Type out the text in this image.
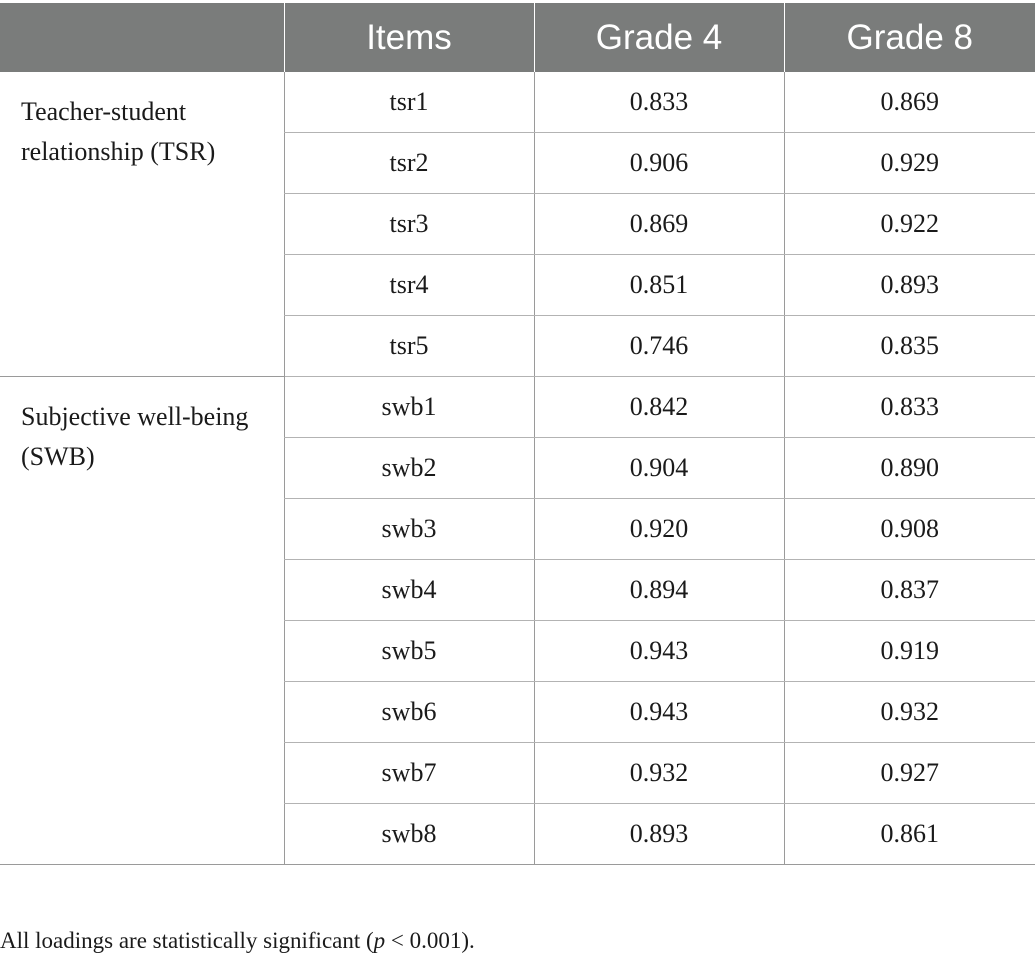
	Items	Grade 4	Grade 8
Teacher-student relationship (TSR)	tsr1	0.833	0.869
	tsr2	0.906	0.929
	tsr3	0.869	0.922
	tsr4	0.851	0.893
	tsr5	0.746	0.835
Subjective well-being (SWB)	swb1	0.842	0.833
	swb2	0.904	0.890
	swb3	0.920	0.908
	swb4	0.894	0.837
	swb5	0.943	0.919
	swb6	0.943	0.932
	swb7	0.932	0.927
	swb8	0.893	0.861
All loadings are statistically significant (p < 0.001).
